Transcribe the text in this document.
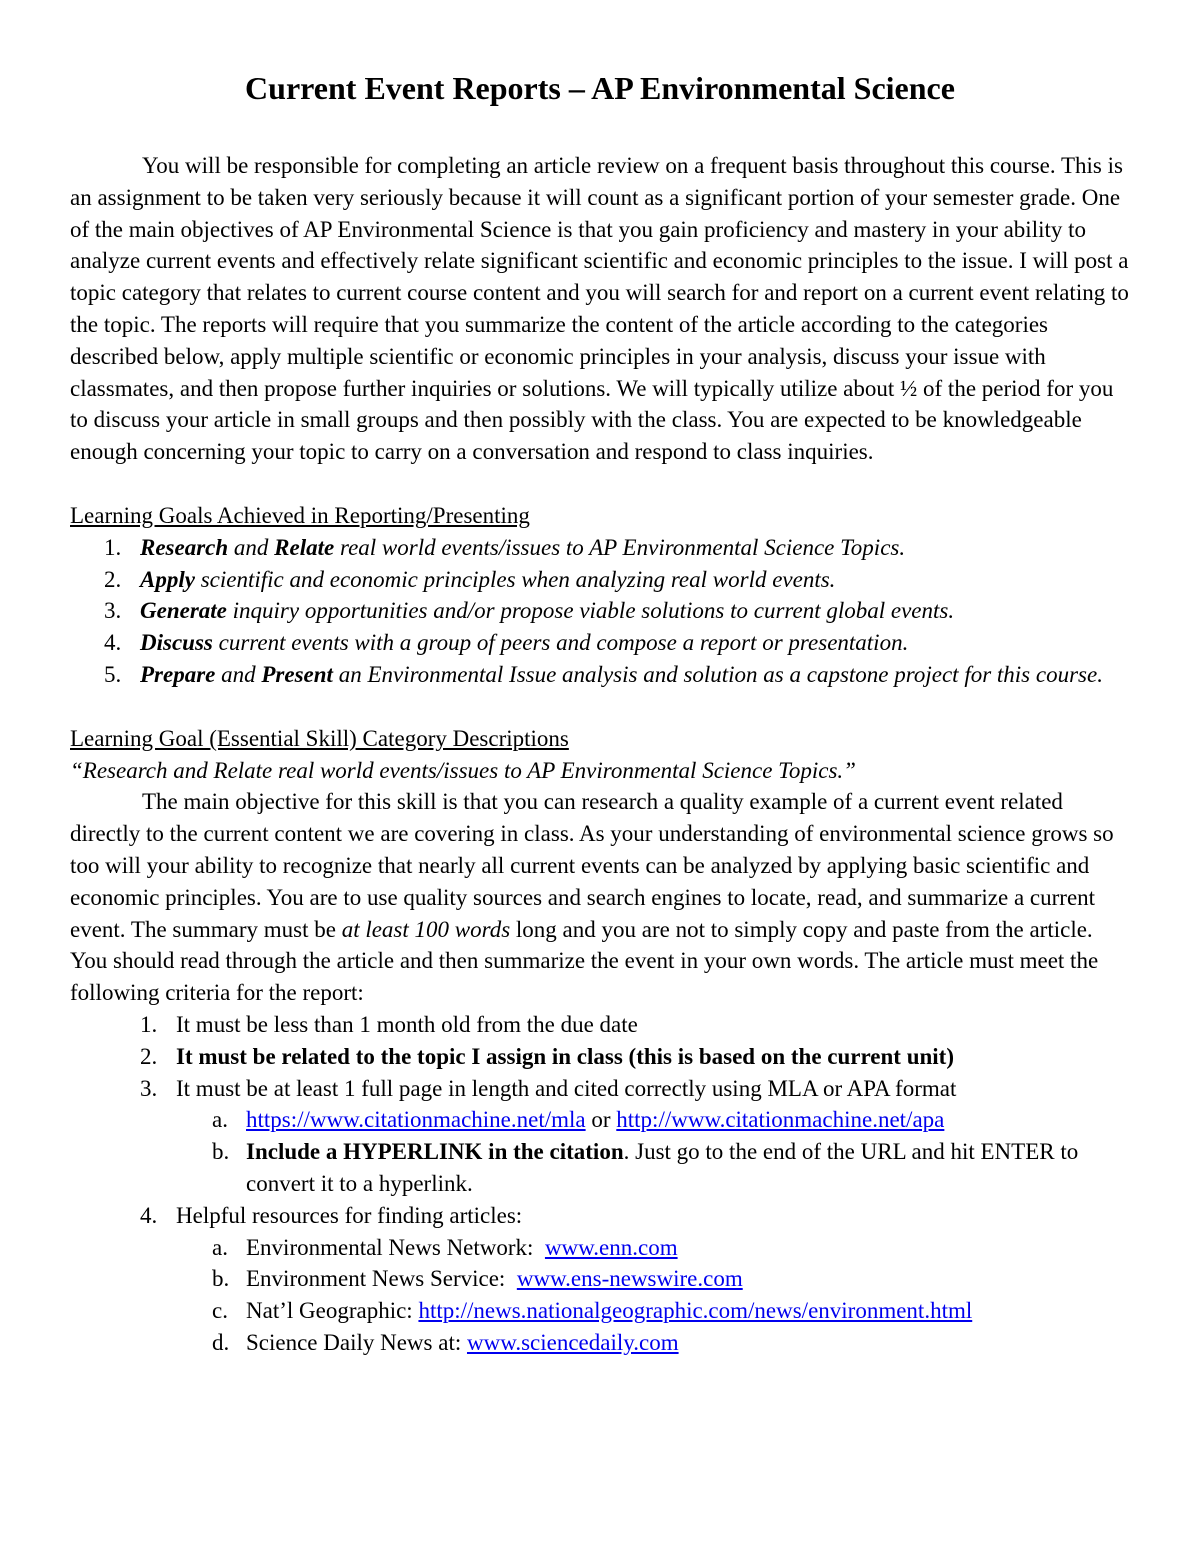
Current Event Reports – AP Environmental Science

You will be responsible for completing an article review on a frequent basis throughout this course. This is an assignment to be taken very seriously because it will count as a significant portion of your semester grade. One of the main objectives of AP Environmental Science is that you gain proficiency and mastery in your ability to analyze current events and effectively relate significant scientific and economic principles to the issue. I will post a topic category that relates to current course content and you will search for and report on a current event relating to the topic. The reports will require that you summarize the content of the article according to the categories described below, apply multiple scientific or economic principles in your analysis, discuss your issue with classmates, and then propose further inquiries or solutions. We will typically utilize about ½ of the period for you to discuss your article in small groups and then possibly with the class. You are expected to be knowledgeable enough concerning your topic to carry on a conversation and respond to class inquiries.

Learning Goals Achieved in Reporting/Presenting

1. Research and Relate real world events/issues to AP Environmental Science Topics.
2. Apply scientific and economic principles when analyzing real world events.
3. Generate inquiry opportunities and/or propose viable solutions to current global events.
4. Discuss current events with a group of peers and compose a report or presentation.
5. Prepare and Present an Environmental Issue analysis and solution as a capstone project for this course.

Learning Goal (Essential Skill) Category Descriptions

“Research and Relate real world events/issues to AP Environmental Science Topics.”

The main objective for this skill is that you can research a quality example of a current event related directly to the current content we are covering in class. As your understanding of environmental science grows so too will your ability to recognize that nearly all current events can be analyzed by applying basic scientific and economic principles. You are to use quality sources and search engines to locate, read, and summarize a current event. The summary must be at least 100 words long and you are not to simply copy and paste from the article. You should read through the article and then summarize the event in your own words. The article must meet the following criteria for the report:

1. It must be less than 1 month old from the due date
2. It must be related to the topic I assign in class (this is based on the current unit)
3. It must be at least 1 full page in length and cited correctly using MLA or APA format
a. https://www.citationmachine.net/mla or http://www.citationmachine.net/apa
b. Include a HYPERLINK in the citation. Just go to the end of the URL and hit ENTER to convert it to a hyperlink.
4. Helpful resources for finding articles:
a. Environmental News Network:  www.enn.com
b. Environment News Service:  www.ens-newswire.com
c. Nat’l Geographic: http://news.nationalgeographic.com/news/environment.html
d. Science Daily News at: www.sciencedaily.com
